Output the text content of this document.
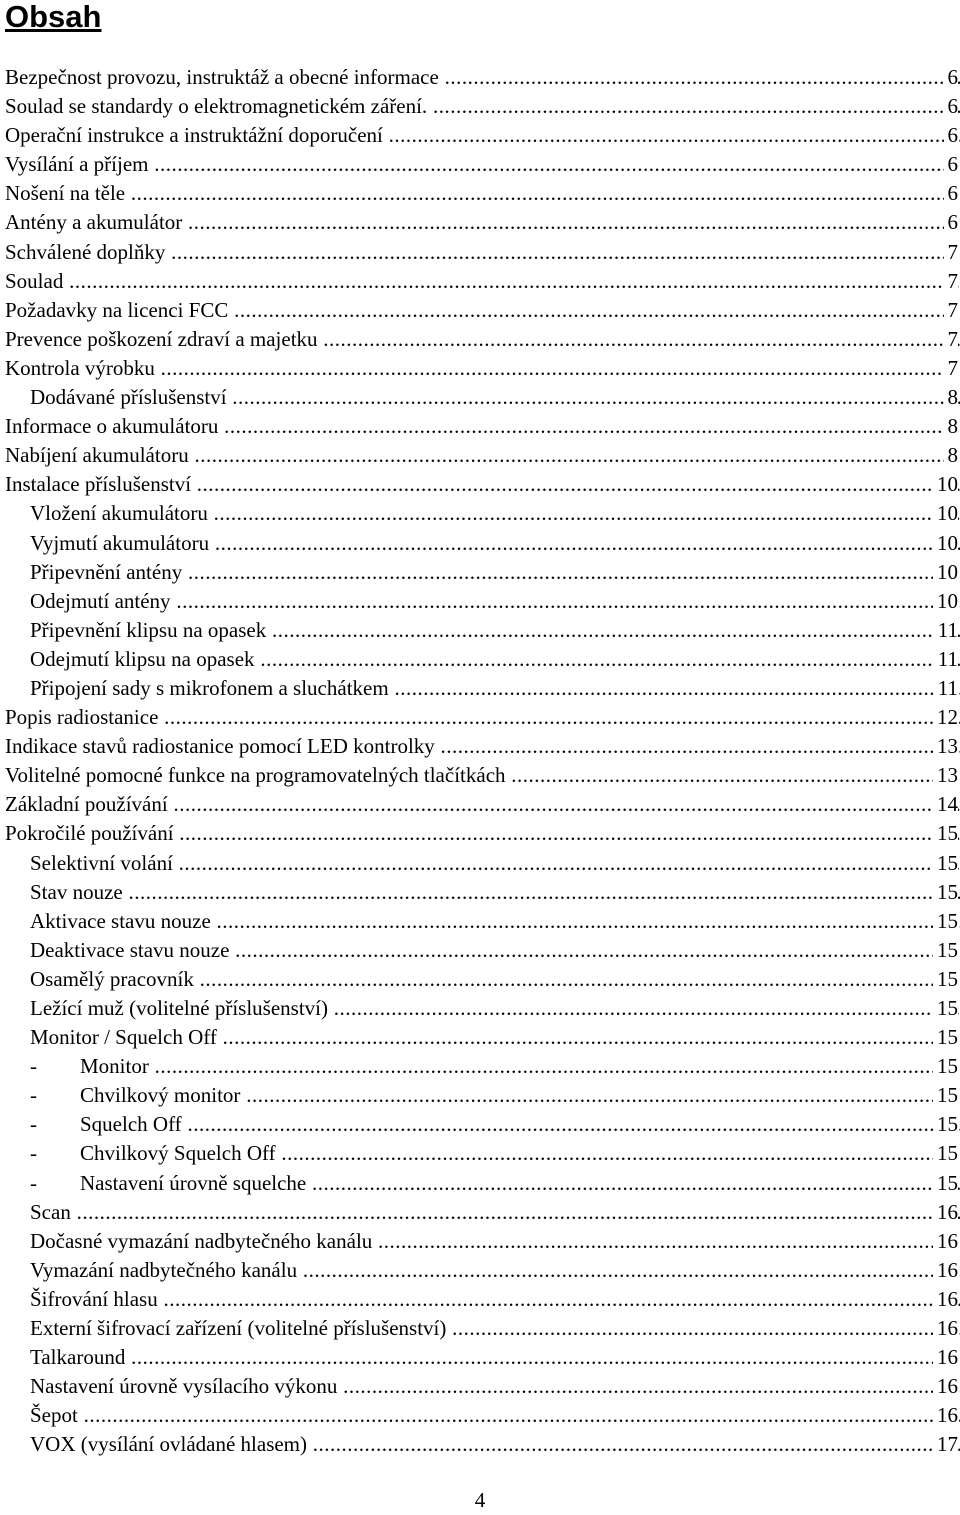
Obsah
Bezpečnost provozu, instruktáž a obecné informace .....	6
Soulad se standardy o elektromagnetickém záření. .....	6
Operační instrukce a instruktážní doporučení .....	6
Vysílání a příjem .....	6
Nošení na těle .....	6
Antény a akumulátor .....	6
Schválené doplňky .....	7
Soulad .....	7
Požadavky na licenci FCC .....	7
Prevence poškození zdraví a majetku .....	7
Kontrola výrobku .....	7
Dodávané příslušenství .....	8
Informace o akumulátoru .....	8
Nabíjení akumulátoru .....	8
Instalace příslušenství .....	10
Vložení akumulátoru .....	10
Vyjmutí akumulátoru .....	10
Připevnění antény .....	10
Odejmutí antény .....	10
Připevnění klipsu na opasek .....	11
Odejmutí klipsu na opasek .....	11
Připojení sady s mikrofonem a sluchátkem .....	11
Popis radiostanice .....	12
Indikace stavů radiostanice pomocí LED kontrolky .....	13
Volitelné pomocné funkce na programovatelných tlačítkách .....	13
Základní používání .....	14
Pokročilé používání .....	15
Selektivní volání .....	15
Stav nouze .....	15
Aktivace stavu nouze .....	15
Deaktivace stavu nouze .....	15
Osamělý pracovník .....	15
Ležící muž (volitelné příslušenství) .....	15
Monitor / Squelch Off .....	15
- Monitor .....	15
- Chvilkový monitor .....	15
- Squelch Off .....	15
- Chvilkový Squelch Off .....	15
- Nastavení úrovně squelche .....	15
Scan .....	16
Dočasné vymazání nadbytečného kanálu .....	16
Vymazání nadbytečného kanálu .....	16
Šifrování hlasu .....	16
Externí šifrovací zařízení (volitelné příslušenství) .....	16
Talkaround .....	16
Nastavení úrovně vysílacího výkonu .....	16
Šepot .....	16
VOX (vysílání ovládané hlasem) .....	17
4
